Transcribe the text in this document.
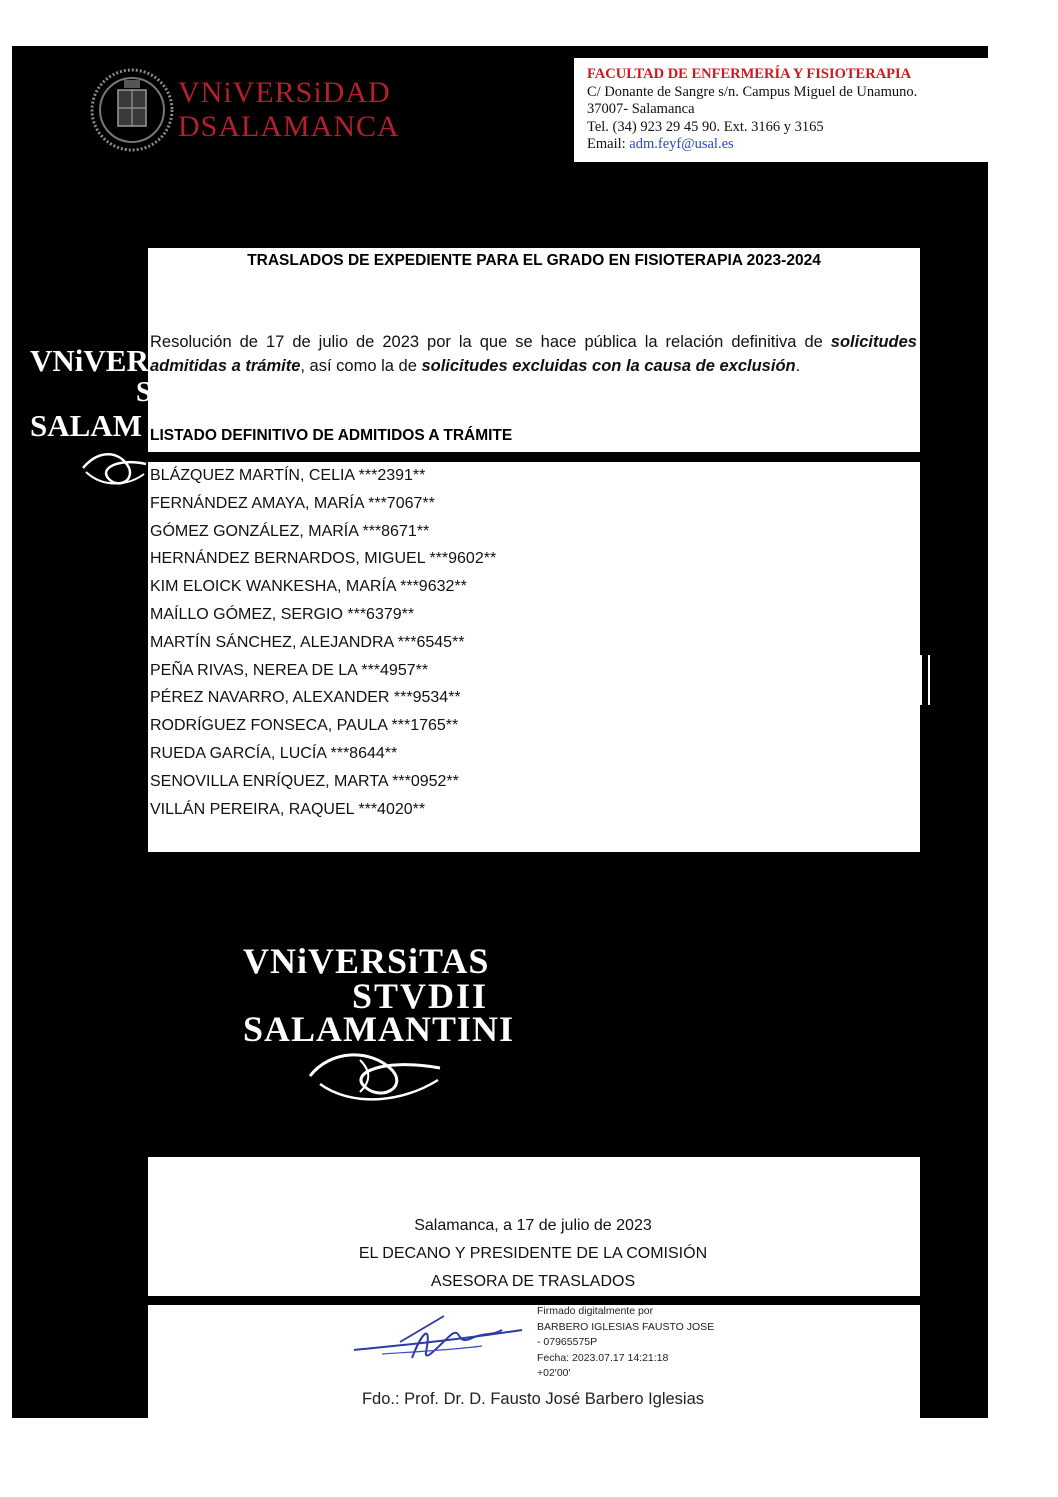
VNiVERSiDAD
DSALAMANCA
FACULTAD DE ENFERMERÍA Y FISIOTERAPIA
C/ Donante de Sangre s/n. Campus Miguel de Unamuno.
37007- Salamanca
Tel. (34) 923 29 45 90. Ext. 3166 y 3165
Email: adm.feyf@usal.es
VNiVER
S
SALAM
TRASLADOS DE EXPEDIENTE PARA EL GRADO EN FISIOTERAPIA 2023-2024
Resolución de 17 de julio de 2023 por la que se hace pública la relación definitiva de solicitudes admitidas a trámite, así como la de solicitudes excluidas con la causa de exclusión.
LISTADO DEFINITIVO DE ADMITIDOS A TRÁMITE
BLÁZQUEZ MARTÍN, CELIA ***2391**
FERNÁNDEZ AMAYA, MARÍA ***7067**
GÓMEZ GONZÁLEZ, MARÍA ***8671**
HERNÁNDEZ BERNARDOS, MIGUEL ***9602**
KIM ELOICK WANKESHA, MARÍA ***9632**
MAÍLLO GÓMEZ, SERGIO ***6379**
MARTÍN SÁNCHEZ, ALEJANDRA ***6545**
PEÑA RIVAS, NEREA DE LA ***4957**
PÉREZ NAVARRO, ALEXANDER ***9534**
RODRÍGUEZ FONSECA, PAULA ***1765**
RUEDA GARCÍA, LUCÍA ***8644**
SENOVILLA ENRÍQUEZ, MARTA ***0952**
VILLÁN PEREIRA, RAQUEL ***4020**
VNiVERSiTAS
STVDII
SALAMANTINI
Salamanca, a 17 de julio de 2023
EL DECANO Y PRESIDENTE DE LA COMISIÓN
ASESORA DE TRASLADOS
Firmado digitalmente por
BARBERO IGLESIAS FAUSTO JOSE
- 07965575P
Fecha: 2023.07.17 14:21:18
+02'00'
Fdo.: Prof. Dr. D. Fausto José Barbero Iglesias
